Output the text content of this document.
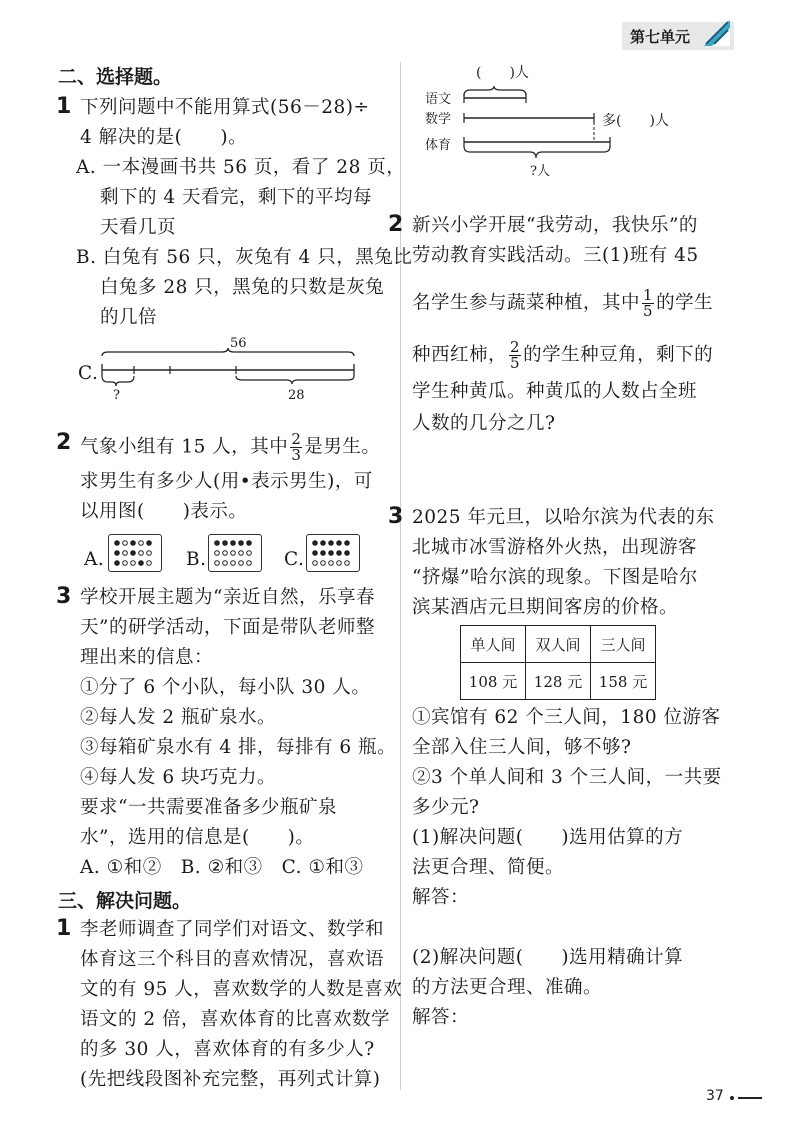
第七单元
二、选择题。
1 下列问题中不能用算式(56－28)÷
4 解决的是(　　)。
A. 一本漫画书共 56 页，看了 28 页，
剩下的 4 天看完，剩下的平均每
天看几页
B. 白兔有 56 只，灰兔有 4 只，黑兔比
白兔多 28 只，黑兔的只数是灰兔
的几倍
C.
56
?	28
2 气象小组有 15 人，其中 $\frac{2}{3}$ 是男生。
求男生有多少人(用•表示男生)，可
以用图(　　)表示。
A.	B.	C.
3 学校开展主题为“亲近自然，乐享春
天”的研学活动，下面是带队老师整
理出来的信息：
①分了 6 个小队，每小队 30 人。
②每人发 2 瓶矿泉水。
③每箱矿泉水有 4 排，每排有 6 瓶。
④每人发 6 块巧克力。
要求“一共需要准备多少瓶矿泉
水”，选用的信息是(　　)。
A. ①和②　B. ②和③　C. ①和③
三、解决问题。
1 李老师调查了同学们对语文、数学和
体育这三个科目的喜欢情况，喜欢语
文的有 95 人，喜欢数学的人数是喜欢
语文的 2 倍，喜欢体育的比喜欢数学
的多 30 人，喜欢体育的有多少人?
(先把线段图补充完整，再列式计算)
(　　)人
语文
数学
体育
多(　　)人
?人
2 新兴小学开展“我劳动，我快乐”的
劳动教育实践活动。三(1)班有 45
名学生参与蔬菜种植，其中 $\frac{1}{5}$ 的学生
种西红柿， $\frac{2}{5}$ 的学生种豆角，剩下的
学生种黄瓜。种黄瓜的人数占全班
人数的几分之几?
3 2025 年元旦，以哈尔滨为代表的东
北城市冰雪游格外火热，出现游客
“挤爆”哈尔滨的现象。下图是哈尔
滨某酒店元旦期间客房的价格。
单人间	双人间	三人间
108 元	128 元	158 元
①宾馆有 62 个三人间，180 位游客
全部入住三人间，够不够?
②3 个单人间和 3 个三人间，一共要
多少元?
(1)解决问题(　　)选用估算的方
法更合理、简便。
解答：
(2)解决问题(　　)选用精确计算
的方法更合理、准确。
解答：
37
